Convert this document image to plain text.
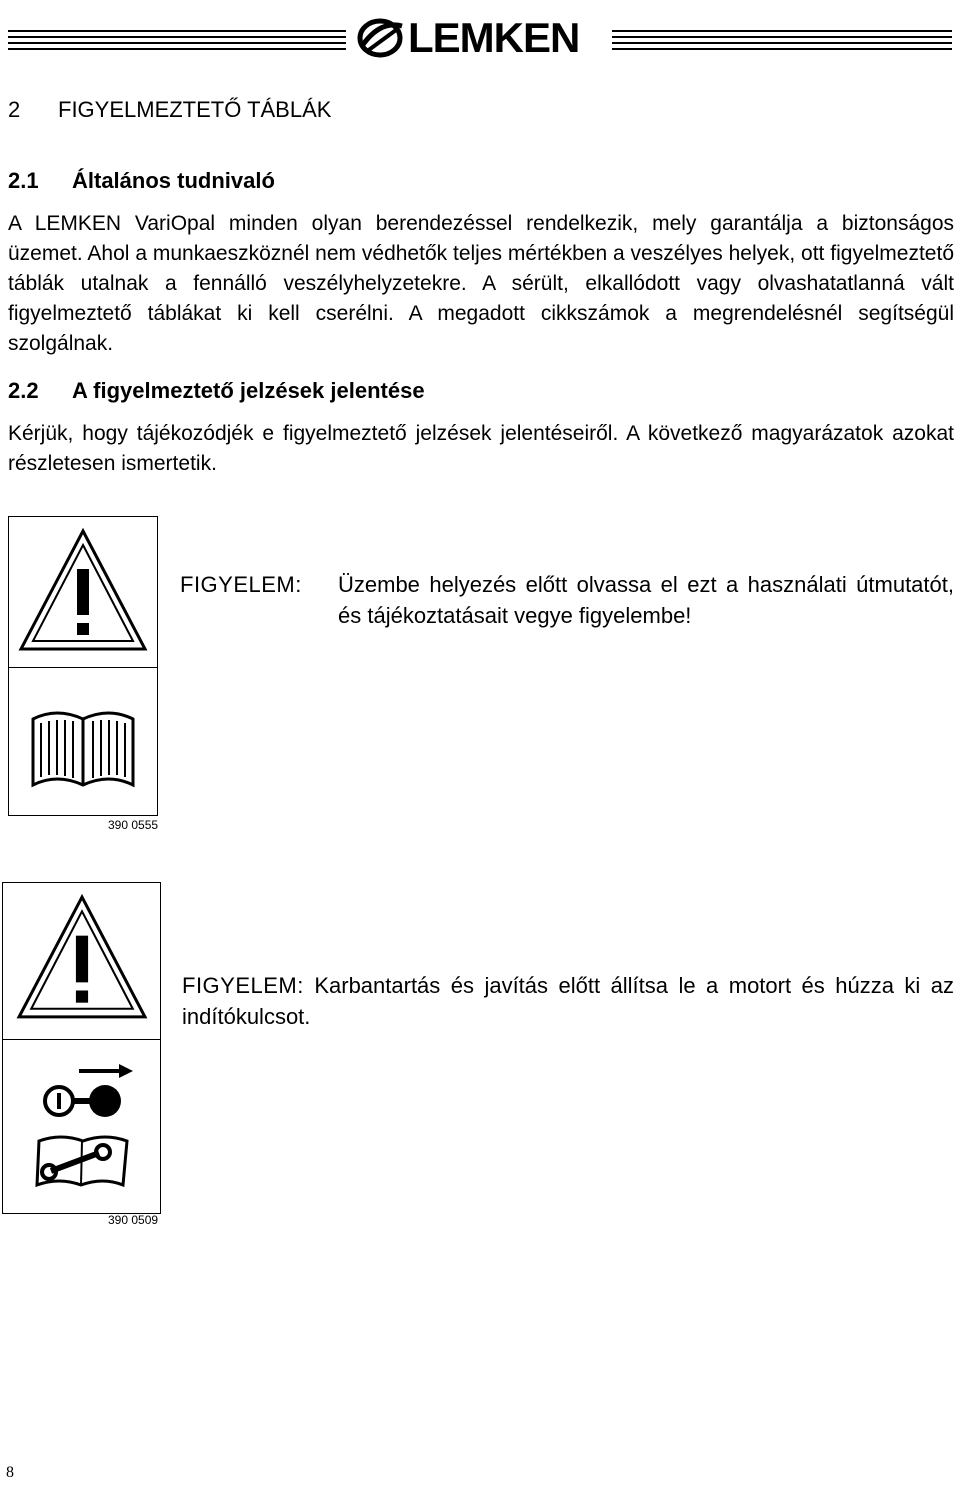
LEMKEN
2 FIGYELMEZTETŐ TÁBLÁK
2.1 Általános tudnivaló
A LEMKEN VariOpal minden olyan berendezéssel rendelkezik, mely garantálja a biztonságos üzemet. Ahol a munkaeszköznél nem védhetők teljes mértékben a veszélyes helyek, ott figyelmeztető táblák utalnak a fennálló veszélyhelyzetekre. A sérült, elkallódott vagy olvashatatlanná vált figyelmeztető táblákat ki kell cserélni. A megadott cikkszámok a megrendelésnél segítségül szolgálnak.
2.2 A figyelmeztető jelzések jelentése
Kérjük, hogy tájékozódjék e figyelmeztető jelzések jelentéseiről. A következő magyarázatok azokat részletesen ismertetik.
390 0555
FIGYELEM:	Üzembe helyezés előtt olvassa el ezt a használati útmutatót, és tájékoztatásait vegye figyelembe!
390 0509
FIGYELEM: Karbantartás és javítás előtt állítsa le a motort és húzza ki az indítókulcsot.
8
